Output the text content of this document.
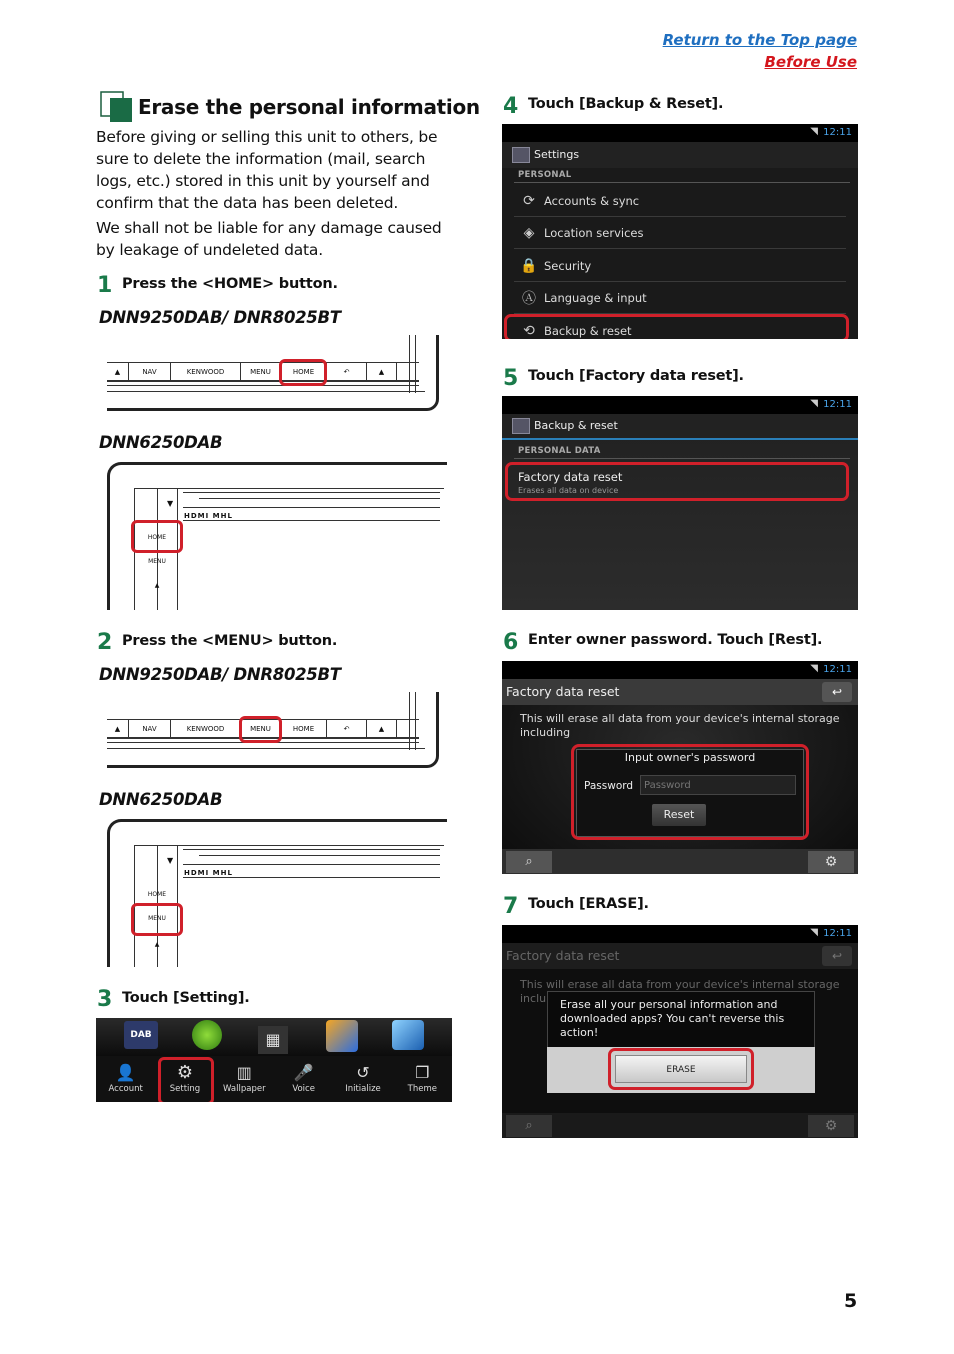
Return to the Top page
Before Use
Erase the personal information

Before giving or selling this unit to others, be sure to delete the information (mail, search logs, etc.) stored in this unit by yourself and confirm that the data has been deleted.

We shall not be liable for any damage caused by leakage of undeleted data.

1 Press the <HOME> button.
DNN9250DAB/ DNR8025BT
▲	NAV	KENWOOD	MENU	HOME	↶	▲
DNN6250DAB
▼
HDMI MHL
HOME
MENU
▲
2 Press the <MENU> button.
DNN9250DAB/ DNR8025BT
▲	NAV	KENWOOD	MENU	HOME	↶	▲
DNN6250DAB
▼
HDMI MHL
HOME
MENU
▲
3 Touch [Setting].
DAB	▦
👤
Account
⚙
Setting
▥
Wallpaper
🎤
Voice
↺
Initialize
❐
Theme
4 Touch [Backup & Reset].
◥ 12:11
Settings
PERSONAL
⟳ Accounts & sync
◈ Location services
🔒 Security
Ⓐ Language & input
⟲ Backup & reset
5 Touch [Factory data reset].
◥ 12:11
Backup & reset
PERSONAL DATA
Factory data reset
Erases all data on device
6 Enter owner password. Touch [Rest].
◥ 12:11
Factory data reset	↩
This will erase all data from your device's internal storage including
Input owner's password
Password
Password
Reset
⌕	⚙
7 Touch [ERASE].
◥ 12:11
Factory data reset	↩
This will erase all data from your device's internal storage
inclu Erase all your personal information and downloaded apps? You can't reverse this action!
ERASE
⌕	⚙
5
